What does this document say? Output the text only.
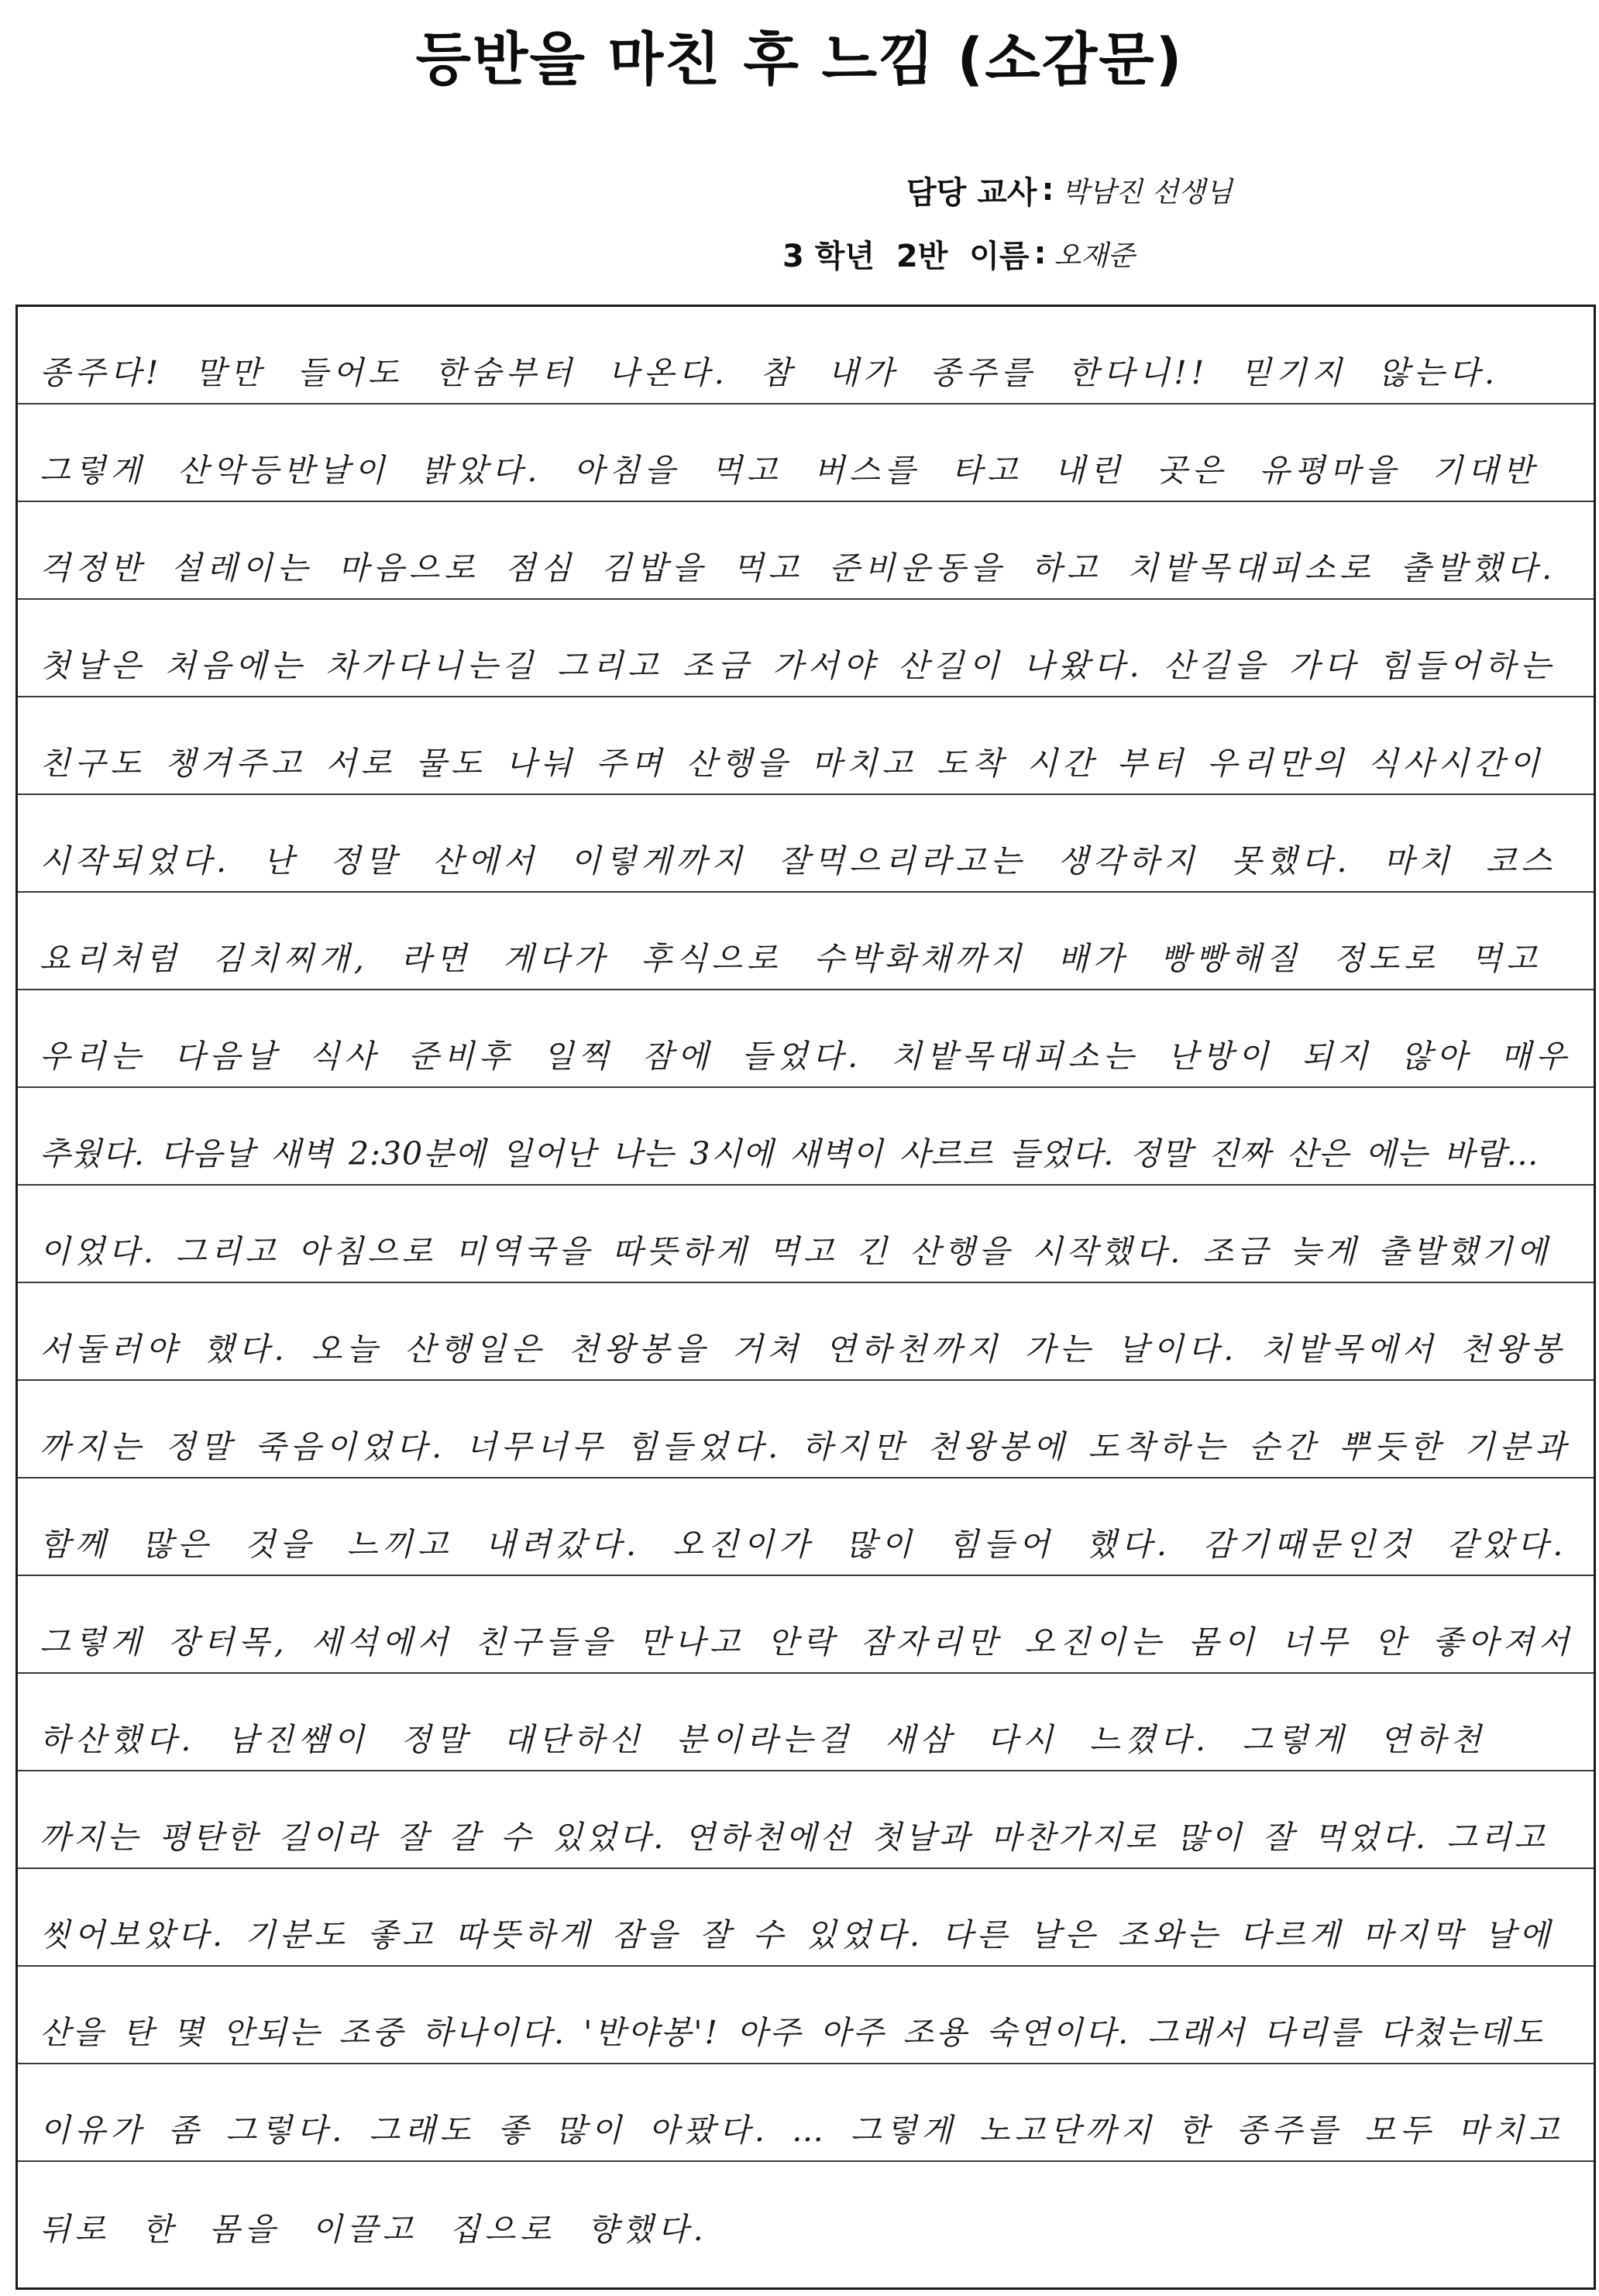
등반을 마친 후 느낌 (소감문)
담당 교사 : 박남진 선생님
3 학년  2반  이름 : 오재준
종주다! 말만 들어도 한숨부터 나온다. 참 내가 종주를 한다니!! 믿기지 않는다.
그렇게 산악등반날이 밝았다. 아침을 먹고 버스를 타고 내린 곳은 유평마을 기대반
걱정반 설레이는 마음으로 점심 김밥을 먹고 준비운동을 하고 치밭목대피소로 출발했다.
첫날은 처음에는 차가다니는길 그리고 조금 가서야 산길이 나왔다. 산길을 가다 힘들어하는
친구도 챙겨주고 서로 물도 나눠 주며 산행을 마치고 도착 시간 부터 우리만의 식사시간이
시작되었다. 난 정말 산에서 이렇게까지 잘먹으리라고는 생각하지 못했다. 마치 코스
요리처럼 김치찌개, 라면 게다가 후식으로 수박화채까지 배가 빵빵해질 정도로 먹고
우리는 다음날 식사 준비후 일찍 잠에 들었다. 치밭목대피소는 난방이 되지 않아 매우
추웠다. 다음날 새벽 2:30분에 일어난 나는 3시에 새벽이 사르르 들었다. 정말 진짜 산은 에는 바람…
이었다. 그리고 아침으로 미역국을 따뜻하게 먹고 긴 산행을 시작했다. 조금 늦게 출발했기에
서둘러야 했다. 오늘 산행일은 천왕봉을 거쳐 연하천까지 가는 날이다. 치밭목에서 천왕봉
까지는 정말 죽음이었다. 너무너무 힘들었다. 하지만 천왕봉에 도착하는 순간 뿌듯한 기분과
함께 많은 것을 느끼고 내려갔다. 오진이가 많이 힘들어 했다. 감기때문인것 같았다.
그렇게 장터목, 세석에서 친구들을 만나고 안락 잠자리만 오진이는 몸이 너무 안 좋아져서
하산했다. 남진쌤이 정말 대단하신 분이라는걸 새삼 다시 느꼈다. 그렇게 연하천
까지는 평탄한 길이라 잘 갈 수 있었다. 연하천에선 첫날과 마찬가지로 많이 잘 먹었다. 그리고
씻어보았다. 기분도 좋고 따뜻하게 잠을 잘 수 있었다. 다른 날은 조와는 다르게 마지막 날에
산을 탄 몇 안되는 조중 하나이다. '반야봉'! 아주 아주 조용 숙연이다. 그래서 다리를 다쳤는데도
이유가 좀 그렇다. 그래도 좋 많이 아팠다. … 그렇게 노고단까지 한 종주를 모두 마치고
뒤로 한 몸을 이끌고 집으로 향했다.
